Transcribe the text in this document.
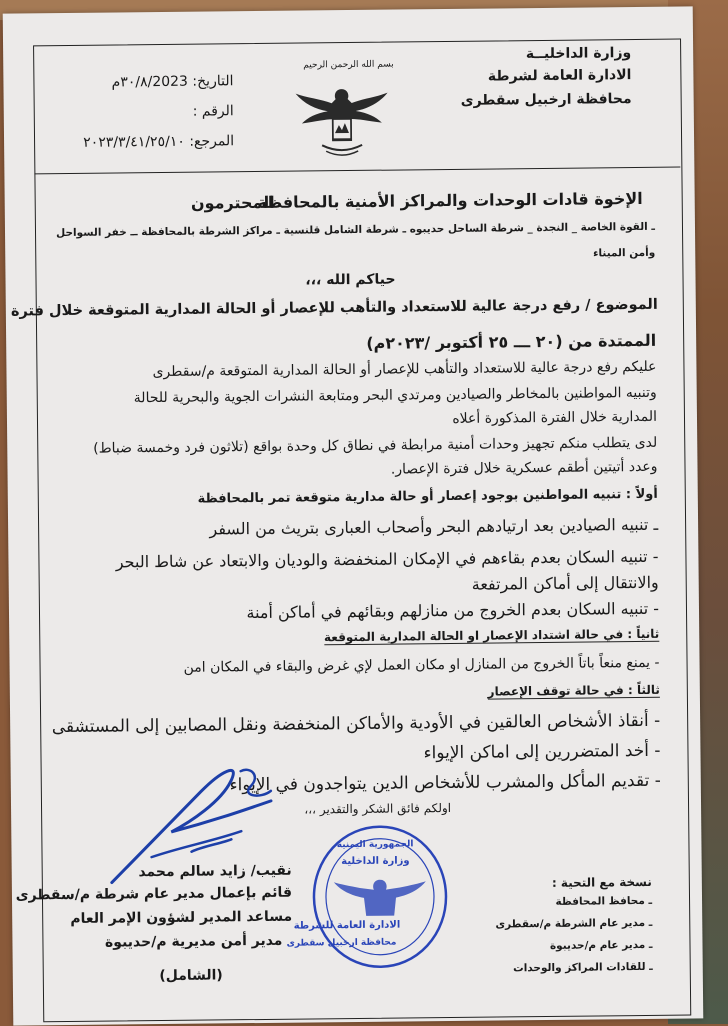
وزارة الداخليــة
الادارة العامة لشرطة
محافظة ارخبيل سقطرى
بسم الله الرحمن الرحيم
التاريخ: ٣٠/٨/2023م
الرقم :
المرجع: ٢٠٢٣/٣/٤١/٢٥/١٠
الإخوة قادات الوحدات والمراكز الأمنية بالمحافظة
المحترمون
ـ القوة الخاصة _ النجدة _ شرطة الساحل حديبوه ـ شرطة الشامل قلنسية ـ مراكز الشرطة بالمحافظة ــ خفر السواحل
وأمن الميناء
حياكم الله ،،،
الموضوع / رفع درجة عالية للاستعداد والتأهب للإعصار أو الحالة المدارية المتوقعة خلال فترة
الممتدة من (٢٠ ـــ ٢٥ أكتوبر /٢٠٢٣م)
عليكم رفع درجة عالية للاستعداد والتأهب للإعصار أو الحالة المدارية المتوقعة م/سقطرى
وتنبيه المواطنين بالمخاطر والصيادين ومرتدي البحر ومتابعة النشرات الجوية والبحرية للحالة
المدارية خلال الفترة المذكورة أعلاه
لدى يتطلب منكم تجهيز وحدات أمنية مرابطة في نطاق كل وحدة بواقع (تلاثون فرد وخمسة ضباط)
وعدد أتيتين أطقم عسكرية خلال فترة الإعصار.
أولاً : تنبيه المواطنين بوجود إعصار أو حالة مدارية متوقعة تمر بالمحافظة
ـ تنبيه الصيادين بعد ارتيادهم البحر وأصحاب العبارى بتريث من السفر
- تنبيه السكان بعدم بقاءهم في الإمكان المنخفضة والوديان والابتعاد عن شاط البحر
والانتقال إلى أماكن المرتفعة
- تنبيه السكان بعدم الخروج من منازلهم وبقائهم في أماكن أمنة
ثانياً : في حالة اشتداد الإعصار او الحالة المدارية المتوقعة
- يمنع منعاً باتاً الخروج من المنازل او مكان العمل لإي غرض والبقاء في المكان امن
ثالثاً : في حالة توقف الإعصار
- أنقاذ الأشخاص العالقين في الأودية والأماكن المنخفضة ونقل المصابين إلى المستشقى
- أخد المتضررين إلى اماكن الإيواء
- تقديم المأكل والمشرب للأشخاص الدين يتواجدون في الإيواء
اولكم فائق الشكر والتقدير ،،،
نقيب/ زايد سالم محمد
قائم بإعمال مدير عام شرطة م/سقطرى
مساعد المدير لشؤون الإمر العام
مدير أمن مديرية م/حديبوة
(الشامل)
الجمهورية اليمنية
وزارة الداخلية
الادارة العامة للشرطة
محافظة ارخبيل سقطرى
نسخة مع التحية :
ـ محافظ المحافظة
ـ مدير عام الشرطة م/سقطرى
ـ مدير عام م/حديبوة
ـ للقادات المراكز والوحدات
